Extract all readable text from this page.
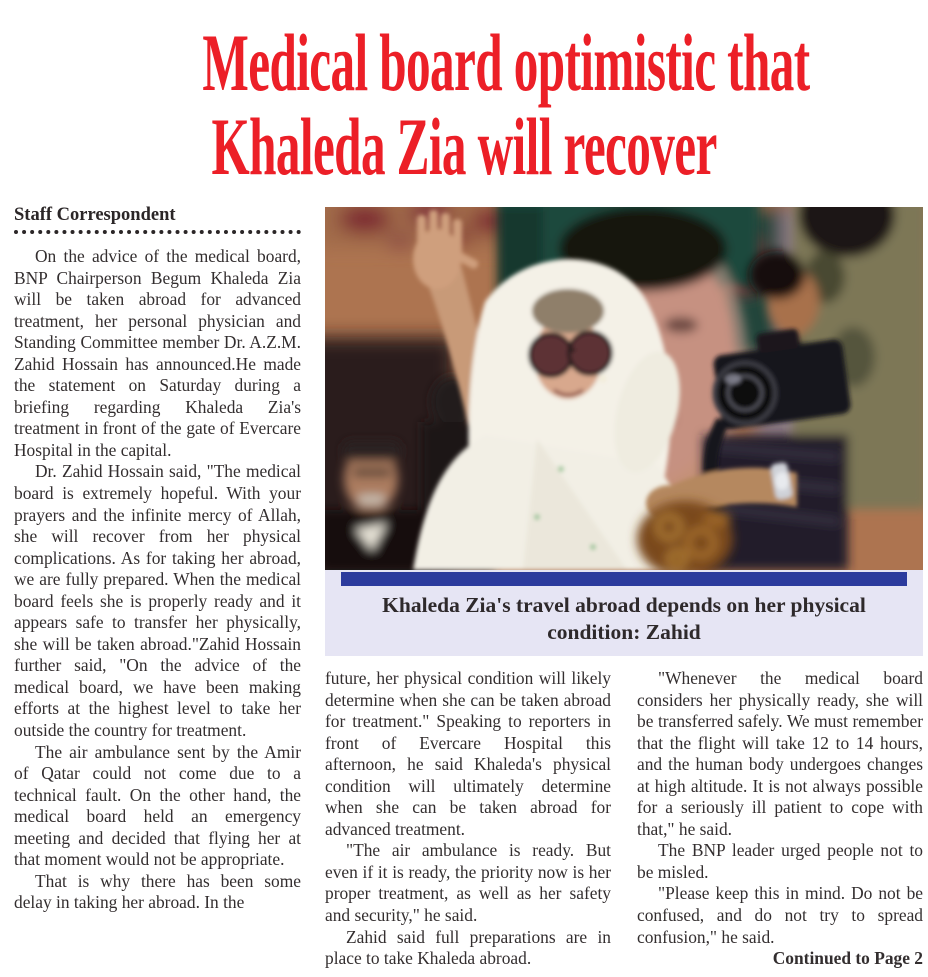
Medical board optimistic that
Khaleda Zia will recover
Staff Correspondent

On the advice of the medical board, BNP Chairperson Begum Khaleda Zia will be taken abroad for advanced treatment, her personal physician and Standing Committee member Dr. A.Z.M. Zahid Hossain has announced.He made the statement on Saturday during a briefing regarding Khaleda Zia's treatment in front of the gate of Evercare Hospital in the capital.

Dr. Zahid Hossain said, "The medical board is extremely hopeful. With your prayers and the infinite mercy of Allah, she will recover from her physical complications. As for taking her abroad, we are fully prepared. When the medical board feels she is properly ready and it appears safe to transfer her physically, she will be taken abroad."Zahid Hossain further said, "On the advice of the medical board, we have been making efforts at the highest level to take her outside the country for treatment.

The air ambulance sent by the Amir of Qatar could not come due to a technical fault. On the other hand, the medical board held an emergency meeting and decided that flying her at that moment would not be appropriate.

That is why there has been some delay in taking her abroad. In the

Khaleda Zia's travel abroad depends on her physical condition: Zahid

future, her physical condition will likely determine when she can be taken abroad for treatment." Speaking to reporters in front of Evercare Hospital this afternoon, he said Khaleda's physical condition will ultimately determine when she can be taken abroad for advanced treatment.

"The air ambulance is ready. But even if it is ready, the priority now is her proper treatment, as well as her safety and security," he said.

Zahid said full preparations are in place to take Khaleda abroad.

"Whenever the medical board considers her physically ready, she will be transferred safely. We must remember that the flight will take 12 to 14 hours, and the human body undergoes changes at high altitude. It is not always possible for a seriously ill patient to cope with that," he said.

The BNP leader urged people not to be misled.

"Please keep this in mind. Do not be confused, and do not try to spread confusion," he said.

Continued to Page 2
